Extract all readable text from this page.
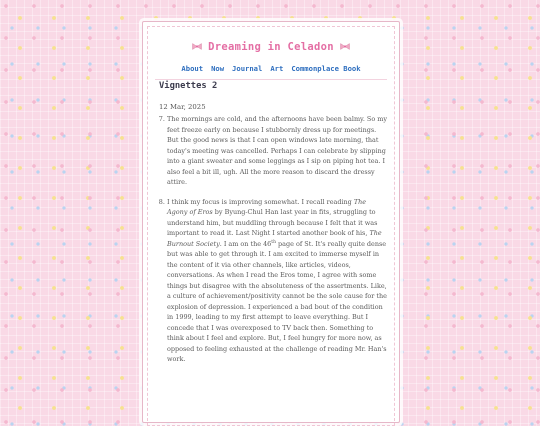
Dreaming in Celadon
About Now Journal Art Commonplace Book
Vignettes 2
12 Mar, 2025
7. The mornings are cold, and the afternoons have been balmy. So my feet freeze early on because I stubbornly dress up for meetings. But the good news is that I can open windows late morning, that today's meeting was cancelled. Perhaps I can celebrate by slipping into a giant sweater and some leggings as I sip on piping hot tea. I also feel a bit ill, ugh. All the more reason to discard the dressy attire.
8. I think my focus is improving somewhat. I recall reading The Agony of Eros by Byung-Chul Han last year in fits, struggling to understand him, but muddling through because I felt that it was important to read it. Last Night I started another book of his, The Burnout Society. I am on the 46th page of St. It's really quite dense but was able to get through it. I am excited to immerse myself in the content of it via other channels, like articles, videos, conversations. As when I read the Eros tome, I agree with some things but disagree with the absoluteness of the assertments. Like, a culture of achievement/positivity cannot be the sole cause for the explosion of depression. I experienced a bad bout of the condition in 1999, leading to my first attempt to leave everything. But I concede that I was overexposed to TV back then. Something to think about I feel and explore. But, I feel hungry for more now, as opposed to feeling exhausted at the challenge of reading Mr. Han's work.
